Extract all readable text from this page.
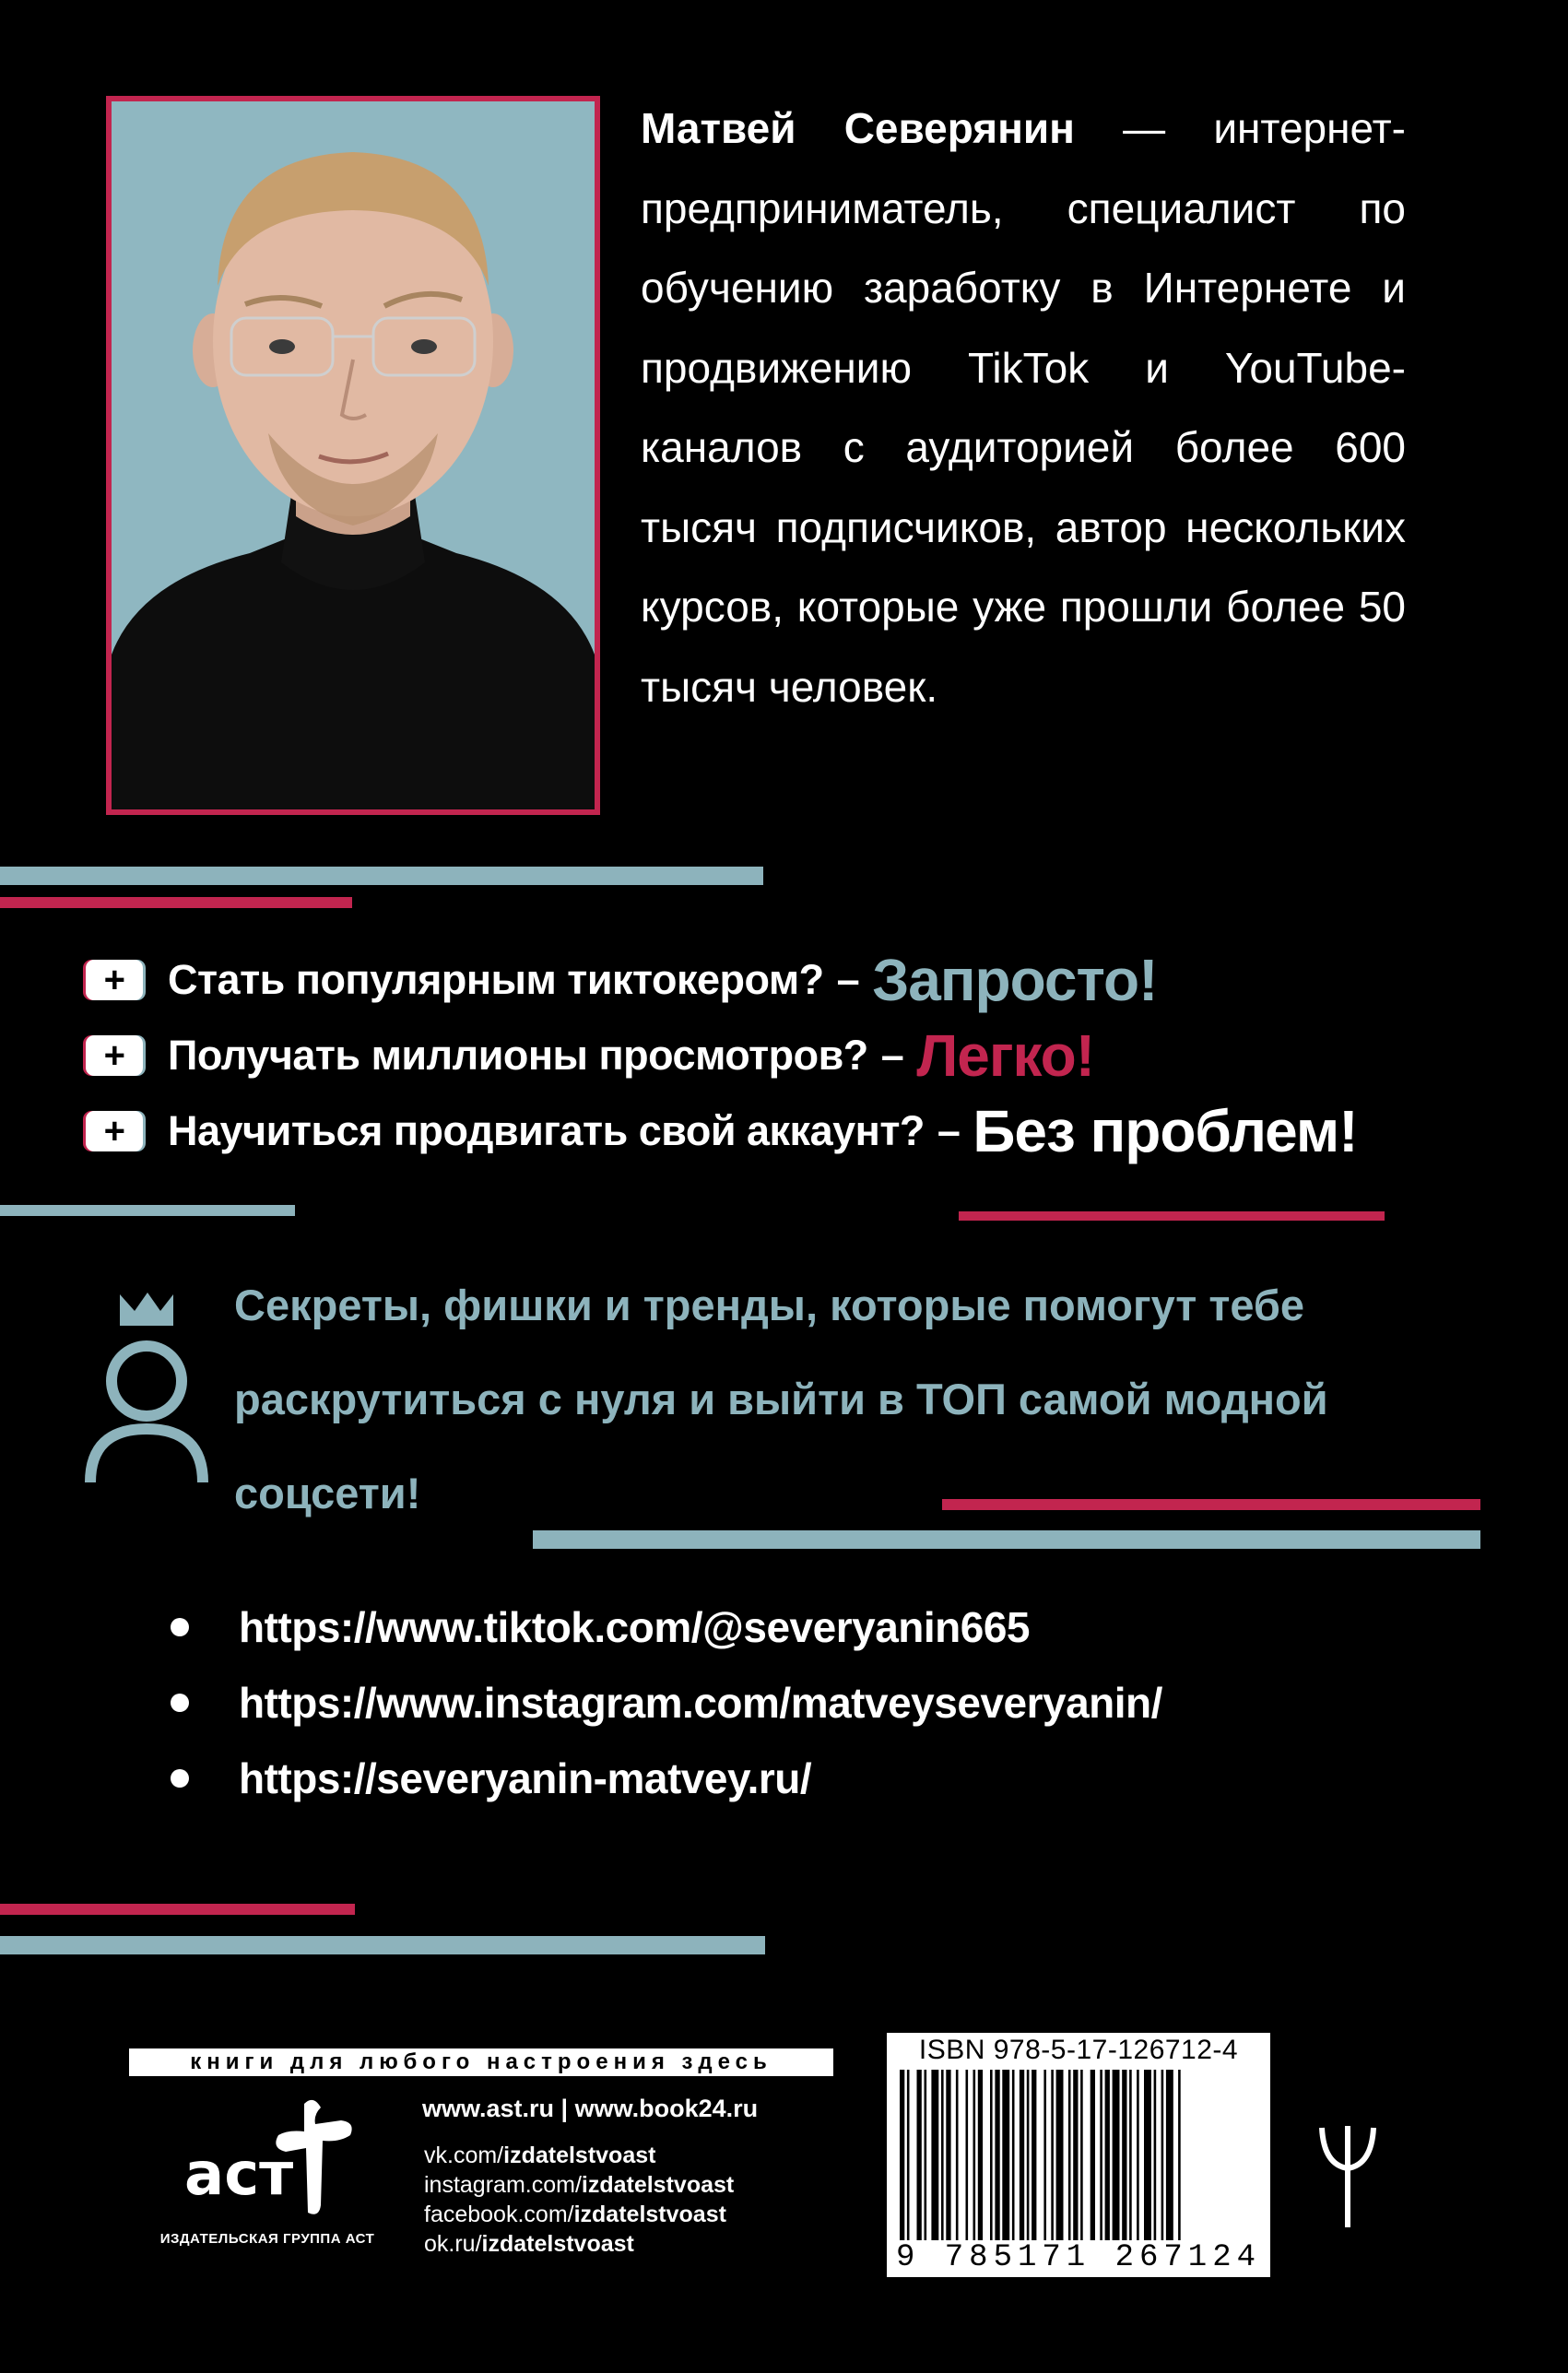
Матвей Северянин — интернет-предприниматель, специалист по обучению заработку в Интернете и продвижению TikTok и YouTube-каналов с аудиторией более 600 тысяч подписчиков, автор нескольких курсов, которые уже прошли более 50 тысяч человек.
+	Стать популярным тиктокером? – Запросто!
+	Получать миллионы просмотров? – Легко!
+	Научиться продвигать свой аккаунт? – Без проблем!
Секреты, фишки и тренды, которые помогут тебе раскрутиться с нуля и выйти в ТОП самой модной соцсети!
https://www.tiktok.com/@severyanin665
https://www.instagram.com/matveyseveryanin/
https://severyanin-matvey.ru/
книги для любого настроения здесь
аст
ИЗДАТЕЛЬСКАЯ ГРУППА АСТ
www.ast.ru | www.book24.ru
vk.com/izdatelstvoast
instagram.com/izdatelstvoast
facebook.com/izdatelstvoast
ok.ru/izdatelstvoast
ISBN 978-5-17-126712-4
9 785171 267124
